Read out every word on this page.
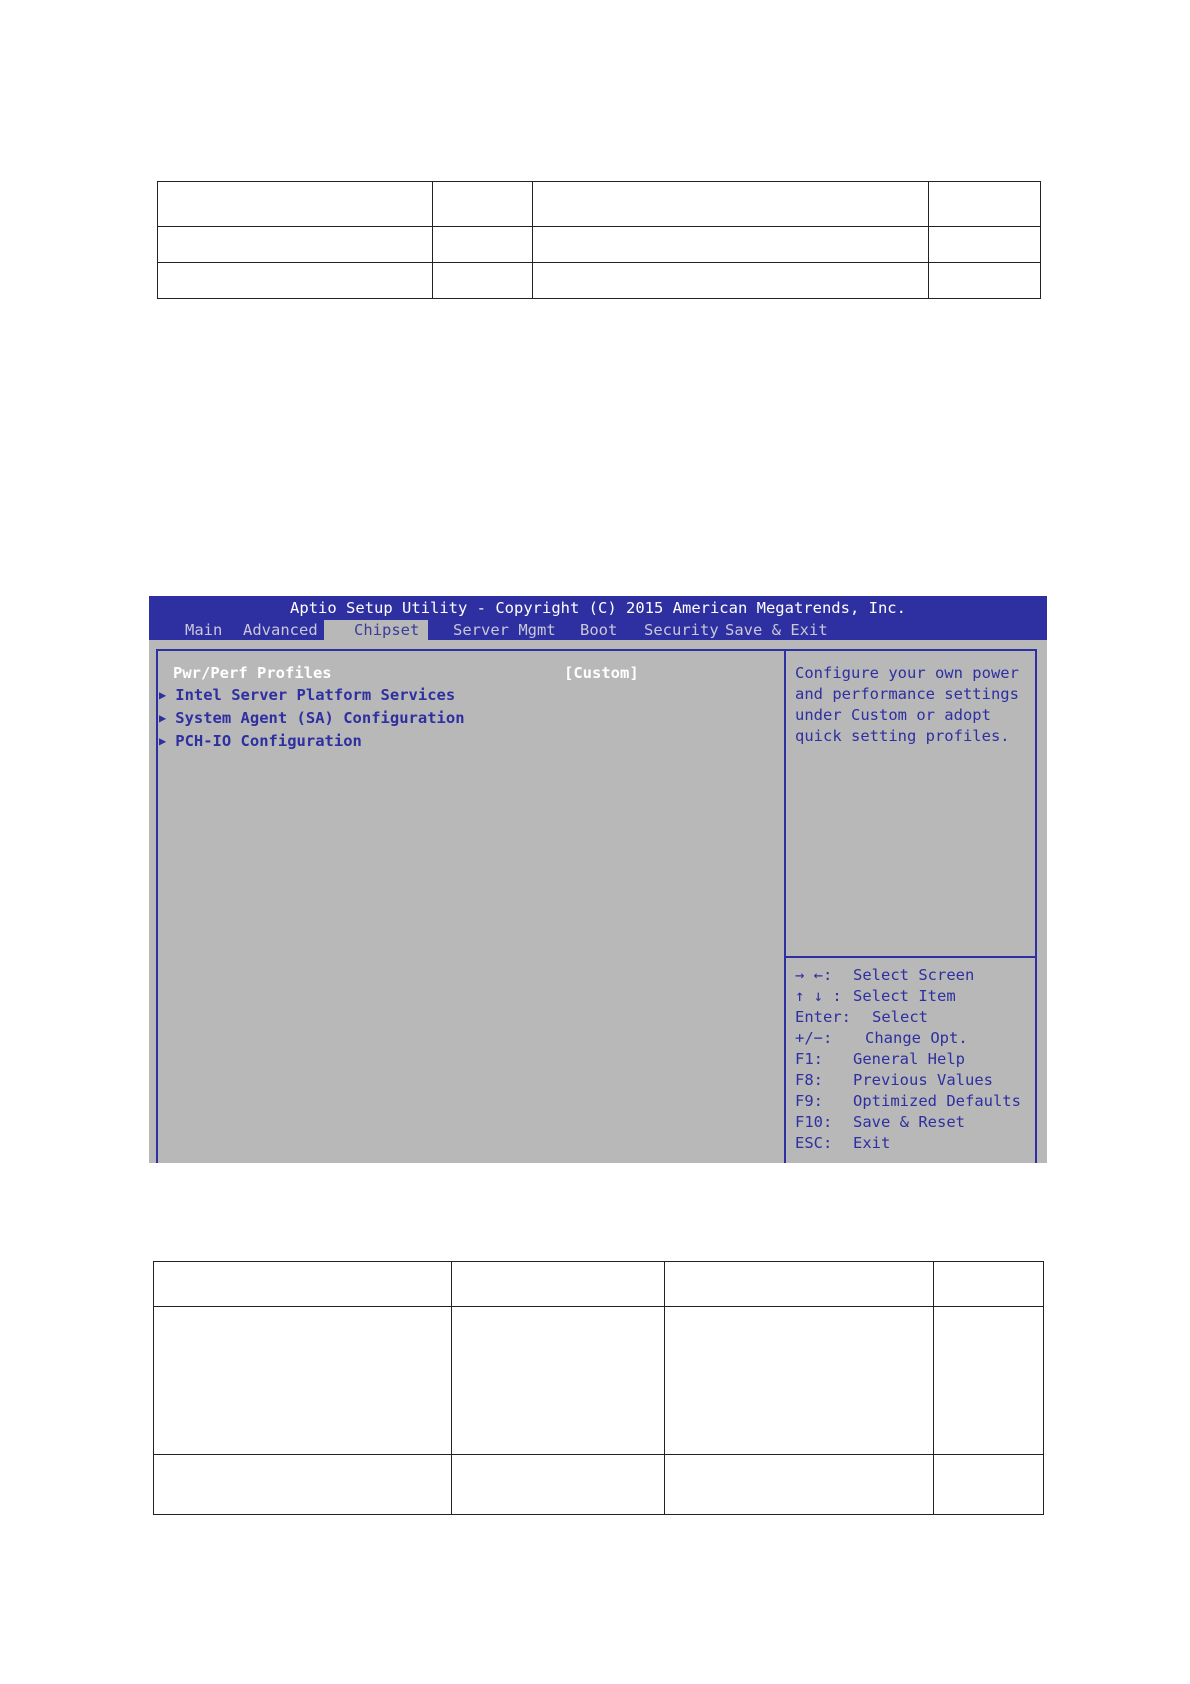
Aptio Setup Utility - Copyright (C) 2015 American Megatrends, Inc.
Main Advanced	Chipset	Server Mgmt Boot Security Save & Exit
Pwr/Perf Profiles	[Custom]
▶ Intel Server Platform Services
▶ System Agent (SA) Configuration
▶ PCH-IO Configuration
Configure your own power
and performance settings
under Custom or adopt
quick setting profiles.
→ ←: Select Screen
↑ ↓ : Select Item
Enter: Select
+/−: Change Opt.
F1: General Help
F8: Previous Values
F9: Optimized Defaults
F10: Save & Reset
ESC: Exit
